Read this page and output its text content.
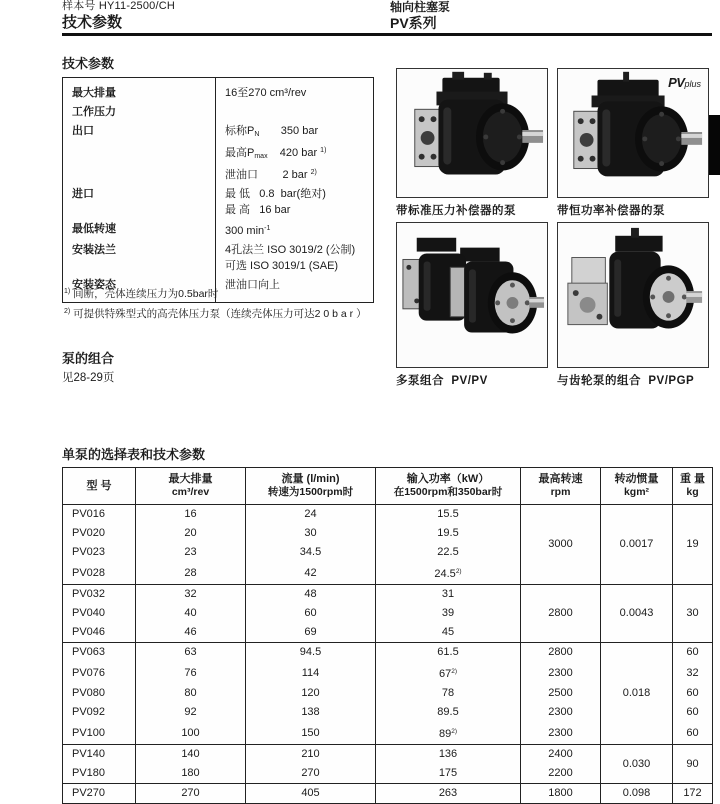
样本号 HY11-2500/CH
技术参数
轴向柱塞泵
PV系列
技术参数
最大排量	16至270 cm³/rev
工作压力
出口	标称$P_N$       350 bar
最高$P_{max}$    420 bar $^{1)}$
泄油口        2 bar $^{2)}$
进口	最 低   0.8  bar(绝对)
最 高   16 bar
最低转速	300 $\min^{-1}$
安装法兰	4孔法兰 ISO 3019/2 (公制)
可选 ISO 3019/1 (SAE)
安装姿态	泄油口向上
$^{1)}$ 间断，壳体连续压力为0.5bar时
$^{2)}$ 可提供特殊型式的高壳体压力泵（连续壳体压力可达2 0 b a r ）
泵的组合
见28-29页
带标准压力补偿器的泵
PVplus
带恒功率补偿器的泵
多泵组合  PV/PV	与齿轮泵的组合  PV/PGP
单泵的选择表和技术参数
型 号

最大排量
cm³/rev

流量 (l/min)
转速为1500rpm时

输入功率（kW）
在1500rpm和350bar时

最高转速
rpm

转动惯量
kgm²

重 量
kg

PV016	16	24	15.5	3000	0.0017	19
PV020	20	30	19.5			
PV023	23	34.5	22.5			
PV028	28	42	24.5$^{2)}$
PV032	32	48	31	2800	0.0043	30
PV040	40	60	39			
PV046	46	69	45			
PV063	63	94.5	61.5	2800	0.018	60
PV076	76	114	67$^{2)}$	2300		32
PV080	80	120	78	2500		60
PV092	92	138	89.5	2300		60
PV100	100	150	89$^{2)}$	2300		60
PV140	140	210	136	2400	0.030	90
PV180	180	270	175	2200		
PV270	270	405	263	1800	0.098	172
